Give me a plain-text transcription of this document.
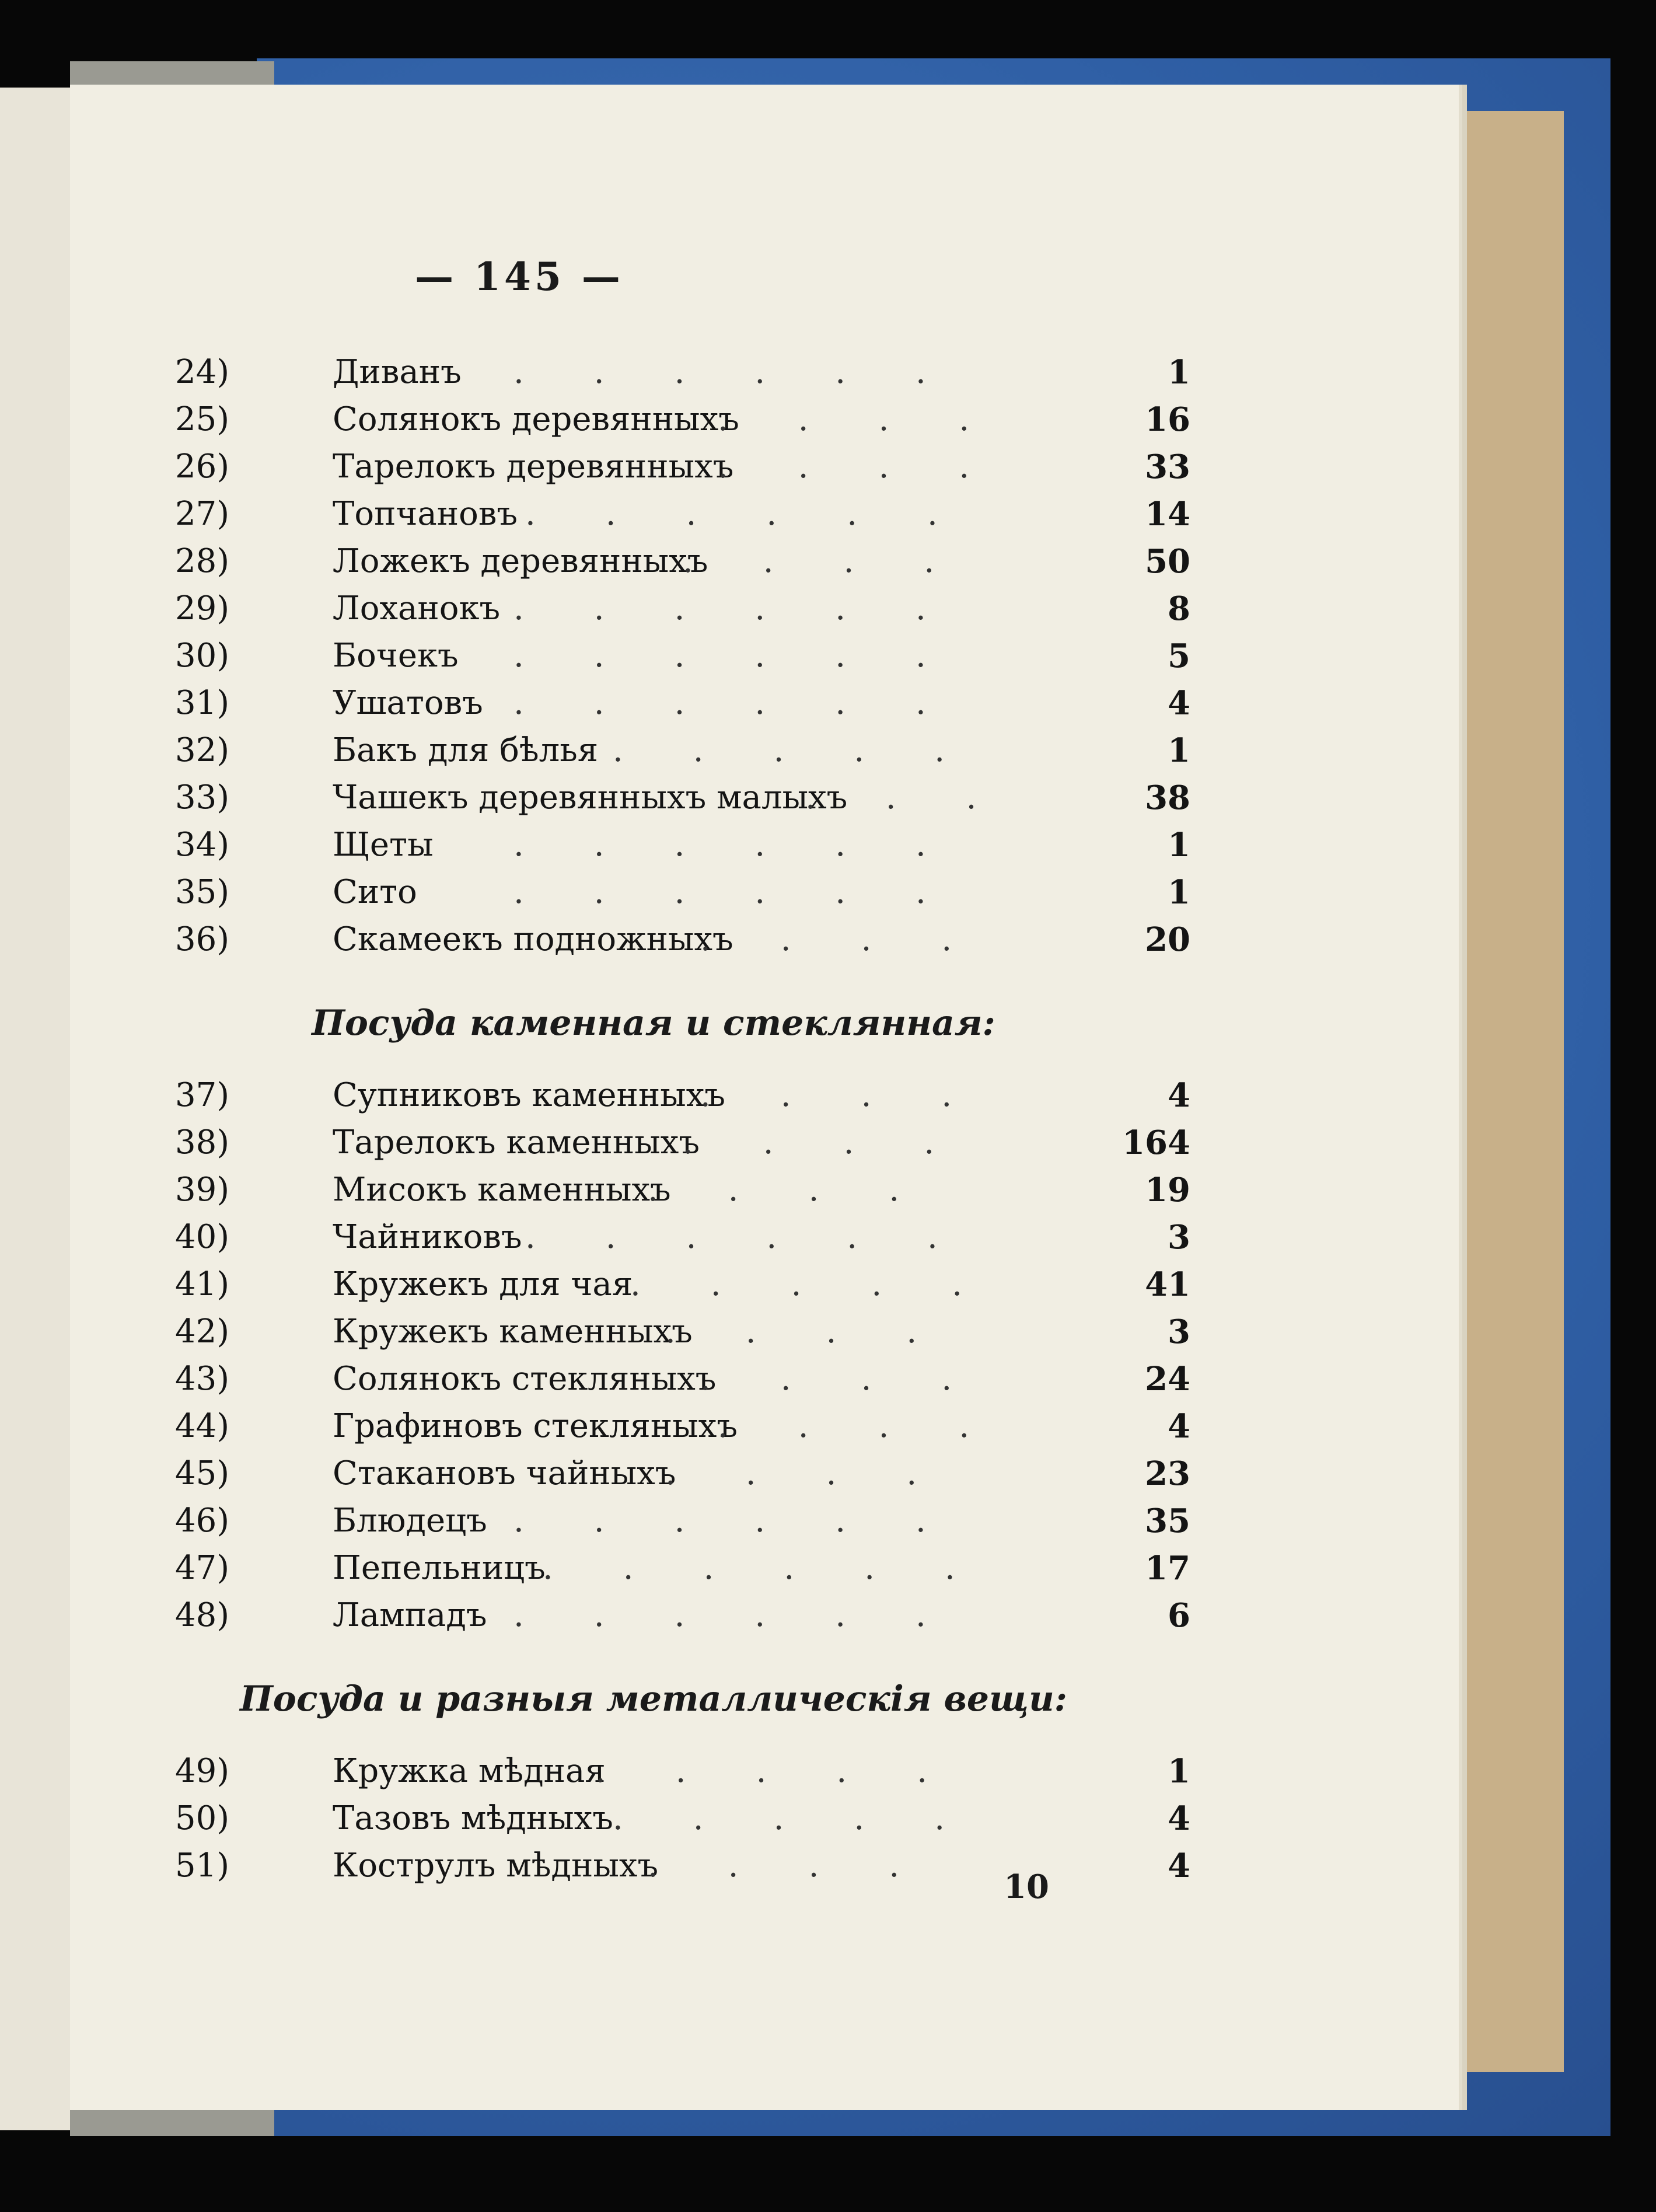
— 145 —
10
24)	Диванъ	1
......
25)	Солянокъ деревянныхъ	16
....
26)	Тарелокъ деревянныхъ	33
....
27)	Топчановъ	14
......
28)	Ложекъ деревянныхъ	50
....
29)	Лоханокъ	8
......
30)	Бочекъ	5
......
31)	Ушатовъ	4
......
32)	Бакъ для бѣлья	1
.....
33)	Чашекъ деревянныхъ малыхъ	38
...
34)	Щеты	1
......
35)	Сито	1
......
36)	Скамеекъ подножныхъ	20
....
Посуда каменная и стеклянная:
37)	Супниковъ каменныхъ	4
....
38)	Тарелокъ каменныхъ	164
....
39)	Мисокъ каменныхъ	19
....
40)	Чайниковъ	3
......
41)	Кружекъ для чая	41
.....
42)	Кружекъ каменныхъ	3
....
43)	Солянокъ стекляныхъ	24
....
44)	Графиновъ стекляныхъ	4
....
45)	Стакановъ чайныхъ	23
....
46)	Блюдецъ	35
......
47)	Пепельницъ	17
......
48)	Лампадъ	6
......
Посуда и разныя металлическія вещи:
49)	Кружка мѣдная	1
.....
50)	Тазовъ мѣдныхъ	4
.....
51)	Кострулъ мѣдныхъ	4
....
